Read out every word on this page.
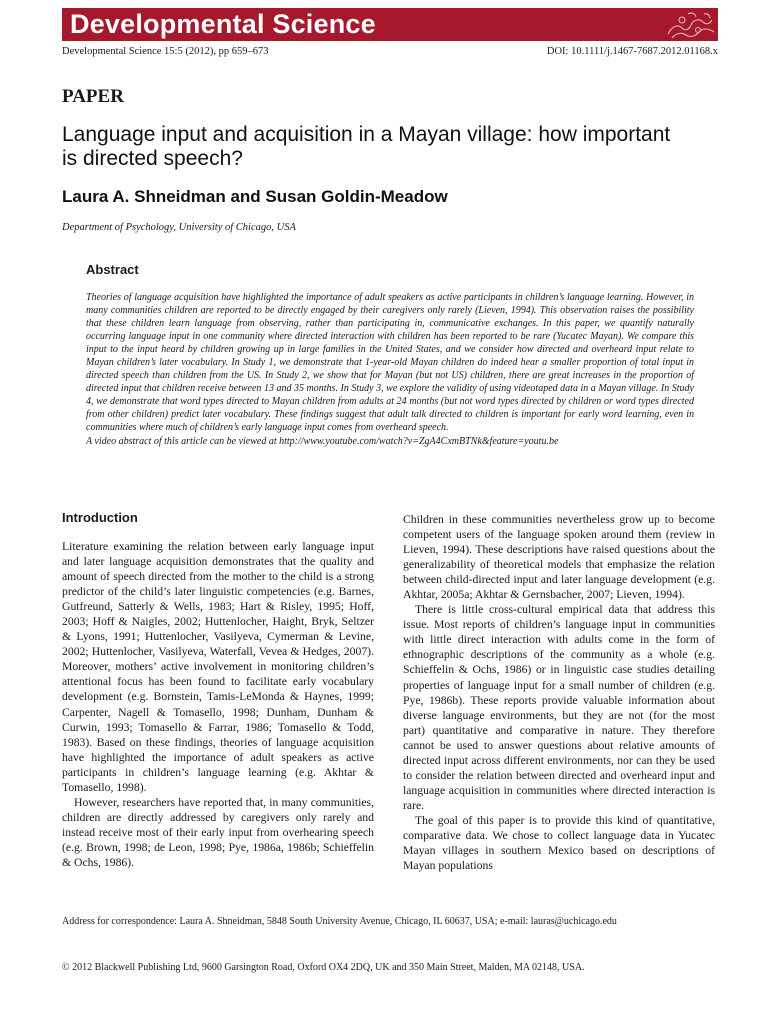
Developmental Science
Developmental Science 15:5 (2012), pp 659–673	DOI: 10.1111/j.1467-7687.2012.01168.x
PAPER
Language input and acquisition in a Mayan village: how important is directed speech?
Laura A. Shneidman and Susan Goldin-Meadow
Department of Psychology, University of Chicago, USA
Abstract

Theories of language acquisition have highlighted the importance of adult speakers as active participants in children’s language learning. However, in many communities children are reported to be directly engaged by their caregivers only rarely (Lieven, 1994). This observation raises the possibility that these children learn language from observing, rather than participating in, communicative exchanges. In this paper, we quantify naturally occurring language input in one community where directed interaction with children has been reported to be rare (Yucatec Mayan). We compare this input to the input heard by children growing up in large families in the United States, and we consider how directed and overheard input relate to Mayan children’s later vocabulary. In Study 1, we demonstrate that 1-year-old Mayan children do indeed hear a smaller proportion of total input in directed speech than children from the US. In Study 2, we show that for Mayan (but not US) children, there are great increases in the proportion of directed input that children receive between 13 and 35 months. In Study 3, we explore the validity of using videotaped data in a Mayan village. In Study 4, we demonstrate that word types directed to Mayan children from adults at 24 months (but not word types directed by children or word types directed from other children) predict later vocabulary. These findings suggest that adult talk directed to children is important for early word learning, even in communities where much of children’s early language input comes from overheard speech.

A video abstract of this article can be viewed at http://www.youtube.com/watch?v=ZgA4CxmBTNk&feature=youtu.be

Introduction

Literature examining the relation between early language input and later language acquisition demonstrates that the quality and amount of speech directed from the mother to the child is a strong predictor of the child’s later linguistic competencies (e.g. Barnes, Gutfreund, Satterly & Wells, 1983; Hart & Risley, 1995; Hoff, 2003; Hoff & Naigles, 2002; Huttenlocher, Haight, Bryk, Seltzer & Lyons, 1991; Huttenlocher, Vasilyeva, Cymerman & Levine, 2002; Huttenlocher, Vasilyeva, Waterfall, Vevea & Hedges, 2007). Moreover, mothers’ active involvement in monitoring children’s attentional focus has been found to facilitate early vocabulary development (e.g. Bornstein, Tamis-LeMonda & Haynes, 1999; Carpenter, Nagell & Tomasello, 1998; Dunham, Dunham & Curwin, 1993; Tomasello & Farrar, 1986; Tomasello & Todd, 1983). Based on these findings, theories of language acquisition have highlighted the importance of adult speakers as active participants in children’s language learning (e.g. Akhtar & Tomasello, 1998).

However, researchers have reported that, in many communities, children are directly addressed by caregivers only rarely and instead receive most of their early input from overhearing speech (e.g. Brown, 1998; de Leon, 1998; Pye, 1986a, 1986b; Schieffelin & Ochs, 1986).

Children in these communities nevertheless grow up to become competent users of the language spoken around them (review in Lieven, 1994). These descriptions have raised questions about the generalizability of theoretical models that emphasize the relation between child-directed input and later language development (e.g. Akhtar, 2005a; Akhtar & Gernsbacher, 2007; Lieven, 1994).

There is little cross-cultural empirical data that address this issue. Most reports of children’s language input in communities with little direct interaction with adults come in the form of ethnographic descriptions of the community as a whole (e.g. Schieffelin & Ochs, 1986) or in linguistic case studies detailing properties of language input for a small number of children (e.g. Pye, 1986b). These reports provide valuable information about diverse language environments, but they are not (for the most part) quantitative and comparative in nature. They therefore cannot be used to answer questions about relative amounts of directed input across different environments, nor can they be used to consider the relation between directed and overheard input and language acquisition in communities where directed interaction is rare.

The goal of this paper is to provide this kind of quantitative, comparative data. We chose to collect language data in Yucatec Mayan villages in southern Mexico based on descriptions of Mayan populations

Address for correspondence: Laura A. Shneidman, 5848 South University Avenue, Chicago, IL 60637, USA; e-mail: lauras@uchicago.edu
© 2012 Blackwell Publishing Ltd, 9600 Garsington Road, Oxford OX4 2DQ, UK and 350 Main Street, Malden, MA 02148, USA.
